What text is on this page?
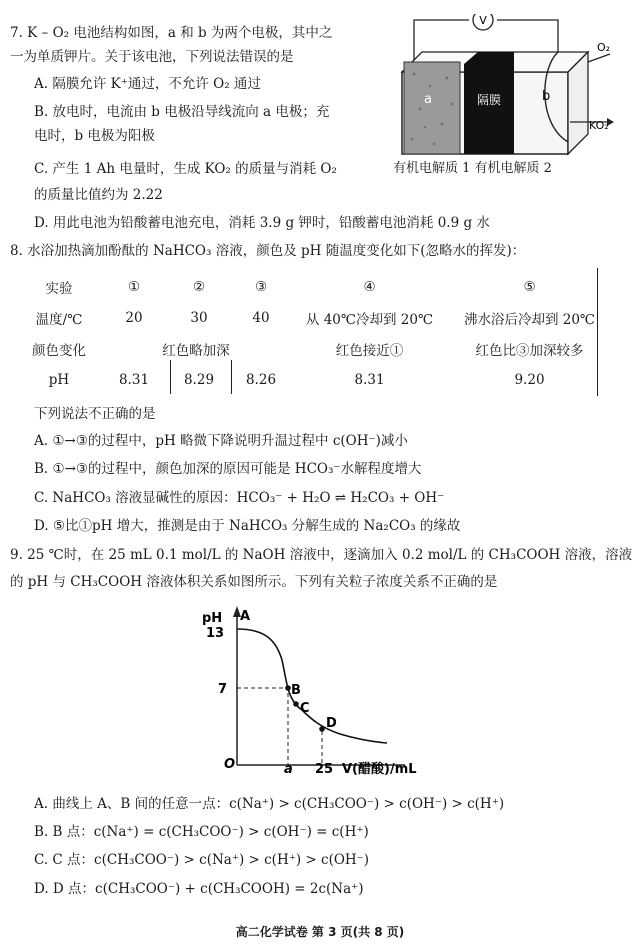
7. K – O₂ 电池结构如图，a 和 b 为两个电极，其中之
一为单质钾片。关于该电池，下列说法错误的是
A. 隔膜允许 K⁺通过，不允许 O₂ 通过
B. 放电时，电流由 b 电极沿导线流向 a 电极；充
电时，b 电极为阳极
C. 产生 1 Ah 电量时，生成 KO₂ 的质量与消耗 O₂
的质量比值约为 2.22
D. 用此电池为铅酸蓄电池充电，消耗 3.9 g 钾时，铅酸蓄电池消耗 0.9 g 水
V
a	隔膜	b
O₂
KO₂
有机电解质 1 有机电解质 2
8. 水浴加热滴加酚酞的 NaHCO₃ 溶液，颜色及 pH 随温度变化如下(忽略水的挥发)：
实验	①	②	③	④	⑤
温度/℃	20	30	40	从 40℃冷却到 20℃	沸水浴后冷却到 20℃
颜色变化	红色略加深			红色接近①	红色比③加深较多
pH	8.31	8.29	8.26	8.31	9.20
下列说法不正确的是
A. ①→③的过程中，pH 略微下降说明升温过程中 c(OH⁻)减小
B. ①→③的过程中，颜色加深的原因可能是 HCO₃⁻水解程度增大
C. NaHCO₃ 溶液显碱性的原因：HCO₃⁻ + H₂O ⇌ H₂CO₃ + OH⁻
D. ⑤比①pH 增大，推测是由于 NaHCO₃ 分解生成的 Na₂CO₃ 的缘故
9. 25 ℃时，在 25 mL 0.1 mol/L 的 NaOH 溶液中，逐滴加入 0.2 mol/L 的 CH₃COOH 溶液，溶液
的 pH 与 CH₃COOH 溶液体积关系如图所示。下列有关粒子浓度关系不正确的是
pH A
13
7
O	a 25 V(醋酸)/mL
B
C
D
A. 曲线上 A、B 间的任意一点：c(Na⁺) > c(CH₃COO⁻) > c(OH⁻) > c(H⁺)
B. B 点：c(Na⁺) = c(CH₃COO⁻) > c(OH⁻) = c(H⁺)
C. C 点：c(CH₃COO⁻) > c(Na⁺) > c(H⁺) > c(OH⁻)
D. D 点：c(CH₃COO⁻) + c(CH₃COOH) = 2c(Na⁺)
高二化学试卷 第 3 页(共 8 页)
